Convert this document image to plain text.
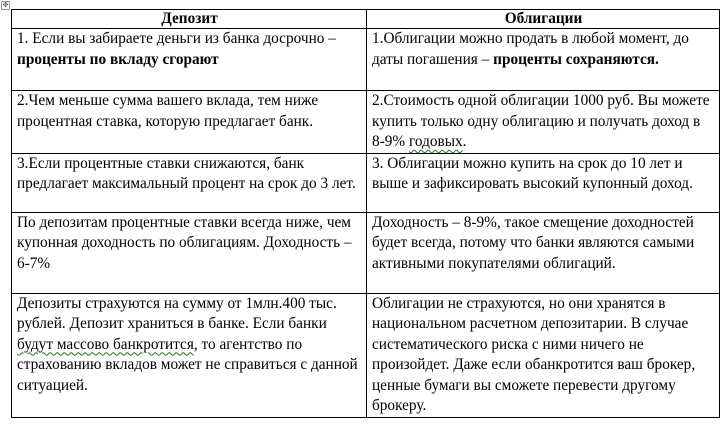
✥
Депозит	Облигации
1. Если вы забираете деньги из банка досрочно – проценты по вкладу сгорают	1.Облигации можно продать в любой момент, до даты погашения – проценты сохраняются.
2.Чем меньше сумма вашего вклада, тем ниже процентная ставка, которую предлагает банк.	2.Стоимость одной облигации 1000 руб. Вы можете купить только одну облигацию и получать доход в 8-9% годовых.
3.Если процентные ставки снижаются, банк предлагает максимальный процент на срок до 3 лет.	3. Облигации можно купить на срок до 10 лет и выше и зафиксировать высокий купонный доход.
По депозитам процентные ставки всегда ниже, чем купонная доходность по облигациям. Доходность – 6-7%	Доходность – 8-9%, такое смещение доходностей будет всегда, потому что банки являются самыми активными покупателями облигаций.
Депозиты страхуются на сумму от 1млн.400 тыс. рублей. Депозит храниться в банке. Если банки будут массово банкротится, то агентство по страхованию вкладов может не справиться с данной ситуацией.	Облигации не страхуются, но они хранятся в национальном расчетном депозитарии. В случае систематического риска с ними ничего не произойдет. Даже если обанкротится ваш брокер, ценные бумаги вы сможете перевести другому брокеру.
